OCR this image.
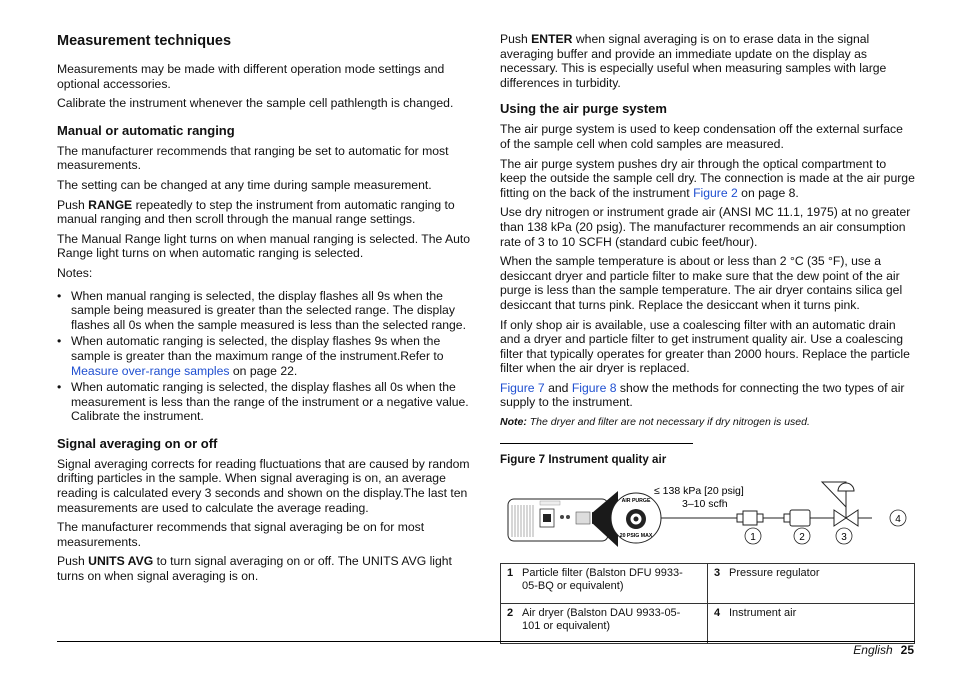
Measurement techniques

Measurements may be made with different operation mode settings and optional accessories.

Calibrate the instrument whenever the sample cell pathlength is changed.

Manual or automatic ranging

The manufacturer recommends that ranging be set to automatic for most measurements.

The setting can be changed at any time during sample measurement.

Push RANGE repeatedly to step the instrument from automatic ranging to manual ranging and then scroll through the manual range settings.

The Manual Range light turns on when manual ranging is selected. The Auto Range light turns on when automatic ranging is selected.

Notes:

• When manual ranging is selected, the display flashes all 9s when the sample being measured is greater than the selected range. The display flashes all 0s when the sample measured is less than the selected range.
• When automatic ranging is selected, the display flashes 9s when the sample is greater than the maximum range of the instrument.Refer to Measure over-range samples on page 22.
• When automatic ranging is selected, the display flashes all 0s when the measurement is less than the range of the instrument or a negative value. Calibrate the instrument.
Signal averaging on or off

Signal averaging corrects for reading fluctuations that are caused by random drifting particles in the sample. When signal averaging is on, an average reading is calculated every 3 seconds and shown on the display.The last ten measurements are used to calculate the average reading.

The manufacturer recommends that signal averaging be on for most measurements.

Push UNITS AVG to turn signal averaging on or off. The UNITS AVG light turns on when signal averaging is on.

Push ENTER when signal averaging is on to erase data in the signal averaging buffer and provide an immediate update on the display as necessary. This is especially useful when measuring samples with large differences in turbidity.

Using the air purge system

The air purge system is used to keep condensation off the external surface of the sample cell when cold samples are measured.

The air purge system pushes dry air through the optical compartment to keep the outside the sample cell dry. The connection is made at the air purge fitting on the back of the instrument Figure 2 on page 8.

Use dry nitrogen or instrument grade air (ANSI MC 11.1, 1975) at no greater than 138 kPa (20 psig). The manufacturer recommends an air consumption rate of 3 to 10 SCFH (standard cubic feet/hour).

When the sample temperature is about or less than 2 °C (35 °F), use a desiccant dryer and particle filter to make sure that the dew point of the air purge is less than the sample temperature. The air dryer contains silica gel desiccant that turns pink. Replace the desiccant when it turns pink.

If only shop air is available, use a coalescing filter with an automatic drain and a dryer and particle filter to get instrument quality air. Use a coalescing filter that typically operates for greater than 2000 hours. Replace the particle filter when the air dryer is replaced.

Figure 7 and Figure 8 show the methods for connecting the two types of air supply to the instrument.

Note: The dryer and filter are not necessary if dry nitrogen is used.

Figure 7 Instrument quality air
AIR PURGE
20 PSIG MAX
≤ 138 kPa [20 psig]
3–10 scfh
1	2	3
4
1 Particle filter (Balston DFU 9933-05-BQ or equivalent)	3 Pressure regulator
2 Air dryer (Balston DAU 9933-05-101 or equivalent)	4 Instrument air
English 25
